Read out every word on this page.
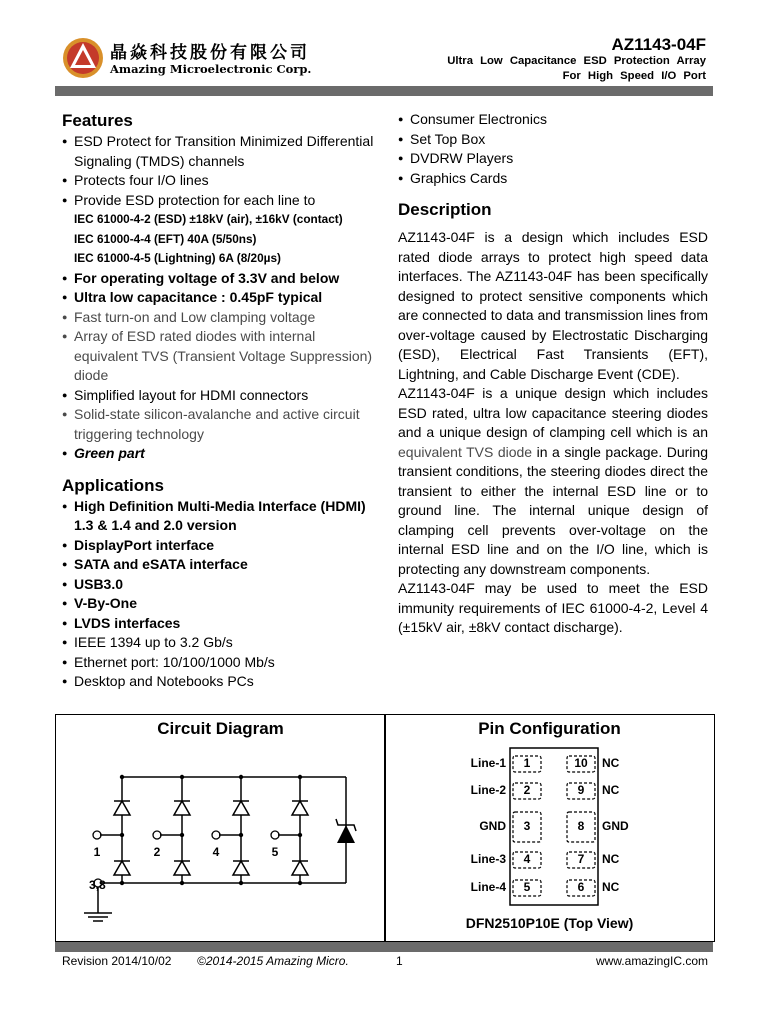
晶焱科技股份有限公司
Amazing Microelectronic Corp.
AZ1143-04F
Ultra Low Capacitance ESD Protection Array
For High Speed I/O Port
Features
● ESD Protect for Transition Minimized Differential Signaling (TMDS) channels
● Protects four I/O lines
● Provide ESD protection for each line to
IEC 61000-4-2 (ESD) ±18kV (air), ±16kV (contact)
IEC 61000-4-4 (EFT) 40A (5/50ns)
IEC 61000-4-5 (Lightning) 6A (8/20µs)
● For operating voltage of 3.3V and below
● Ultra low capacitance : 0.45pF typical
● Fast turn-on and Low clamping voltage
● Array of ESD rated diodes with internal equivalent TVS (Transient Voltage Suppression) diode
● Simplified layout for HDMI connectors
● Solid-state silicon-avalanche and active circuit triggering technology
● Green part
Applications
● High Definition Multi-Media Interface (HDMI) 1.3 & 1.4 and 2.0 version
● DisplayPort interface
● SATA and eSATA interface
● USB3.0
● V-By-One
● LVDS interfaces
● IEEE 1394 up to 3.2 Gb/s
● Ethernet port: 10/100/1000 Mb/s
● Desktop and Notebooks PCs
● Consumer Electronics
● Set Top Box
● DVDRW Players
● Graphics Cards
Description

AZ1143-04F is a design which includes ESD rated diode arrays to protect high speed data interfaces. The AZ1143-04F has been specifically designed to protect sensitive components which are connected to data and transmission lines from over-voltage caused by Electrostatic Discharging (ESD), Electrical Fast Transients (EFT), Lightning, and Cable Discharge Event (CDE).

AZ1143-04F is a unique design which includes ESD rated, ultra low capacitance steering diodes and a unique design of clamping cell which is an equivalent TVS diode in a single package. During transient conditions, the steering diodes direct the transient to either the internal ESD line or to ground line. The internal unique design of clamping cell prevents over-voltage on the internal ESD line and on the I/O line, which is protecting any downstream components.

AZ1143-04F may be used to meet the ESD immunity requirements of IEC 61000-4-2, Level 4 (±15kV air, ±8kV contact discharge).

Circuit Diagram
1	2	4	5
3,8
Pin Configuration
Line-1	1	10	NC
Line-2	2	9	NC
GND	3	8	GND
Line-3	4	7	NC
Line-4	5	6	NC
DFN2510P10E (Top View)
Revision 2014/10/02 ©2014-2015 Amazing Micro.	1	www.amazingIC.com
